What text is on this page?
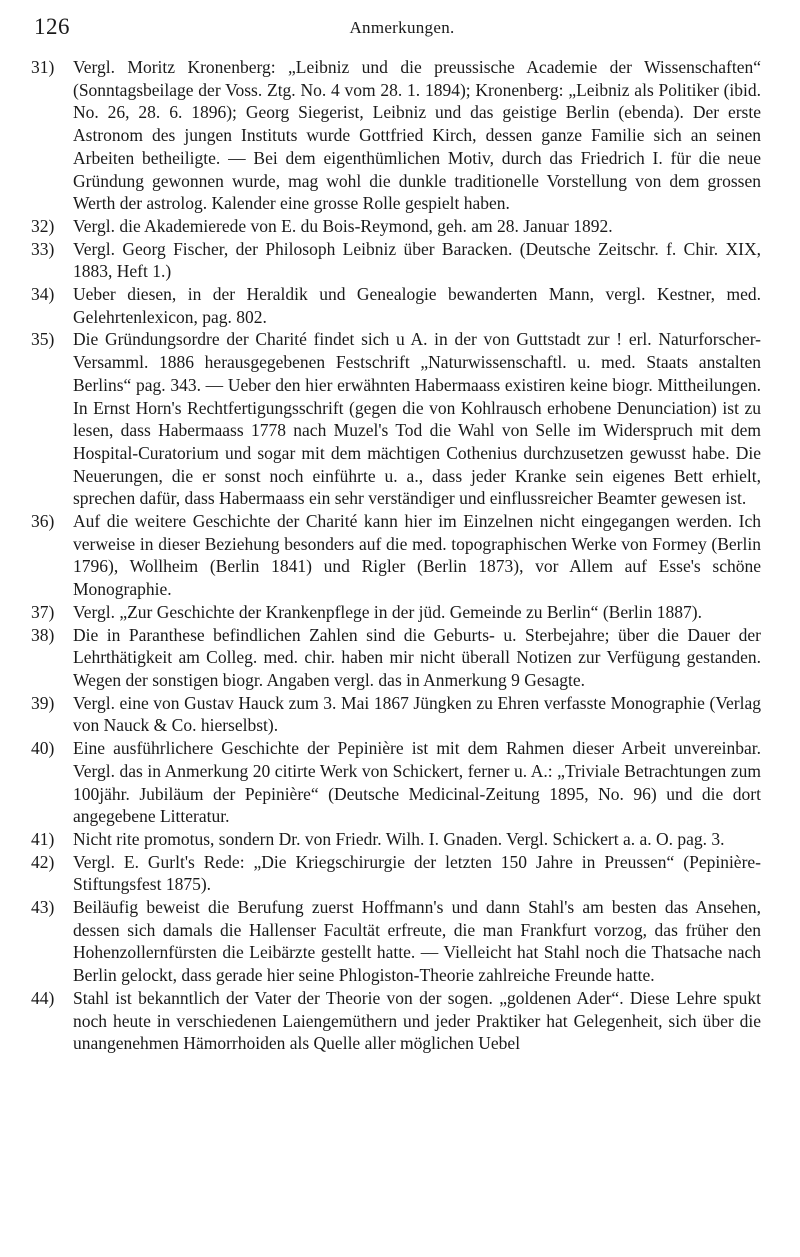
126	Anmerkungen.

31) Vergl. Moritz Kronenberg: „Leibniz und die preussische Academie der Wissenschaften“ (Sonntagsbeilage der Voss. Ztg. No. 4 vom 28. 1. 1894); Kronenberg: „Leibniz als Politiker (ibid. No. 26, 28. 6. 1896); Georg Siegerist, Leibniz und das geistige Berlin (ebenda). Der erste Astronom des jungen Instituts wurde Gottfried Kirch, dessen ganze Familie sich an seinen Arbeiten betheiligte. — Bei dem eigenthümlichen Motiv, durch das Friedrich I. für die neue Gründung gewonnen wurde, mag wohl die dunkle traditionelle Vorstellung von dem grossen Werth der astrolog. Kalender eine grosse Rolle gespielt haben.

32) Vergl. die Akademierede von E. du Bois-Reymond, geh. am 28. Januar 1892.

33) Vergl. Georg Fischer, der Philosoph Leibniz über Baracken. (Deutsche Zeitschr. f. Chir. XIX, 1883, Heft 1.)

34) Ueber diesen, in der Heraldik und Genealogie bewanderten Mann, vergl. Kestner, med. Gelehrtenlexicon, pag. 802.

35) Die Gründungsordre der Charité findet sich u A. in der von Guttstadt zur ! erl. Naturforscher-Versamml. 1886 herausgegebenen Festschrift „Naturwissenschaftl. u. med. Staats anstalten Berlins“ pag. 343. — Ueber den hier erwähnten Habermaass existiren keine biogr. Mittheilungen. In Ernst Horn's Rechtfertigungsschrift (gegen die von Kohlrausch erhobene Denunciation) ist zu lesen, dass Habermaass 1778 nach Muzel's Tod die Wahl von Selle im Widerspruch mit dem Hospital-Curatorium und sogar mit dem mächtigen Cothenius durchzusetzen gewusst habe. Die Neuerungen, die er sonst noch einführte u. a., dass jeder Kranke sein eigenes Bett erhielt, sprechen dafür, dass Habermaass ein sehr verständiger und einflussreicher Beamter gewesen ist.

36) Auf die weitere Geschichte der Charité kann hier im Einzelnen nicht eingegangen werden. Ich verweise in dieser Beziehung besonders auf die med. topographischen Werke von Formey (Berlin 1796), Wollheim (Berlin 1841) und Rigler (Berlin 1873), vor Allem auf Esse's schöne Monographie.

37) Vergl. „Zur Geschichte der Krankenpflege in der jüd. Gemeinde zu Berlin“ (Berlin 1887).

38) Die in Paranthese befindlichen Zahlen sind die Geburts- u. Sterbejahre; über die Dauer der Lehrthätigkeit am Colleg. med. chir. haben mir nicht überall Notizen zur Verfügung gestanden. Wegen der sonstigen biogr. Angaben vergl. das in Anmerkung 9 Gesagte.

39) Vergl. eine von Gustav Hauck zum 3. Mai 1867 Jüngken zu Ehren verfasste Monographie (Verlag von Nauck & Co. hierselbst).

40) Eine ausführlichere Geschichte der Pepinière ist mit dem Rahmen dieser Arbeit unvereinbar. Vergl. das in Anmerkung 20 citirte Werk von Schickert, ferner u. A.: „Triviale Betrachtungen zum 100jähr. Jubiläum der Pepinière“ (Deutsche Medicinal-Zeitung 1895, No. 96) und die dort angegebene Litteratur.

41) Nicht rite promotus, sondern Dr. von Friedr. Wilh. I. Gnaden. Vergl. Schickert a. a. O. pag. 3.

42) Vergl. E. Gurlt's Rede: „Die Kriegschirurgie der letzten 150 Jahre in Preussen“ (Pepinière-Stiftungsfest 1875).

43) Beiläufig beweist die Berufung zuerst Hoffmann's und dann Stahl's am besten das Ansehen, dessen sich damals die Hallenser Facultät erfreute, die man Frankfurt vorzog, das früher den Hohenzollernfürsten die Leibärzte gestellt hatte. — Vielleicht hat Stahl noch die Thatsache nach Berlin gelockt, dass gerade hier seine Phlogiston-Theorie zahlreiche Freunde hatte.

44) Stahl ist bekanntlich der Vater der Theorie von der sogen. „goldenen Ader“. Diese Lehre spukt noch heute in verschiedenen Laiengemüthern und jeder Praktiker hat Gelegenheit, sich über die unangenehmen Hämorrhoiden als Quelle aller möglichen Uebel
